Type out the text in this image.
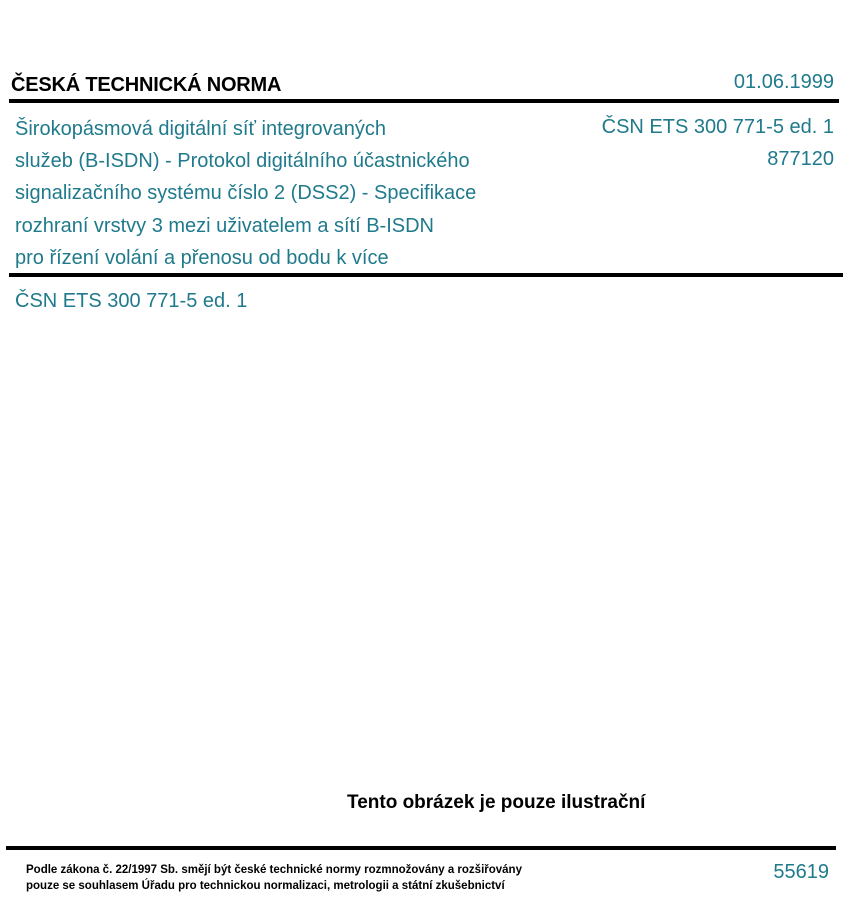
ČESKÁ TECHNICKÁ NORMA	01.06.1999
Širokopásmová digitální síť integrovaných
služeb (B-ISDN) - Protokol digitálního účastnického
signalizačního systému číslo 2 (DSS2) - Specifikace
rozhraní vrstvy 3 mezi uživatelem a sítí B-ISDN
pro řízení volání a přenosu od bodu k více
ČSN ETS 300 771-5 ed. 1
877120
ČSN ETS 300 771-5 ed. 1
Tento obrázek je pouze ilustrační
Podle zákona č. 22/1997 Sb. smějí být české technické normy rozmnožovány a rozšiřovány
pouze se souhlasem Úřadu pro technickou normalizaci, metrologii a státní zkušebnictví
55619
